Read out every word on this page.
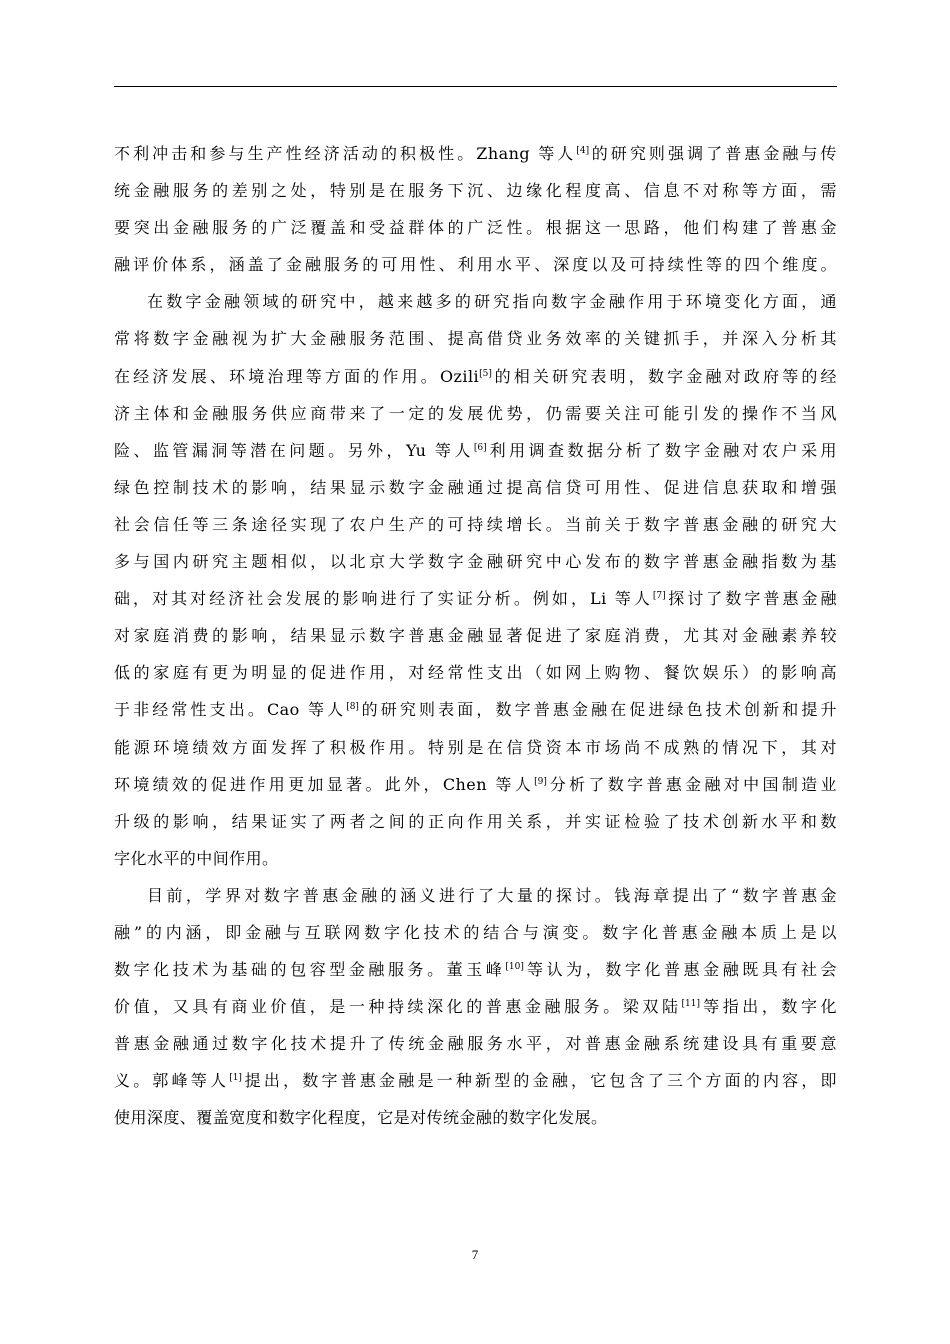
不利冲击和参与生产性经济活动的积极性。Zhang 等人[4]的研究则强调了普惠金融与传
统金融服务的差别之处，特别是在服务下沉、边缘化程度高、信息不对称等方面，需
要突出金融服务的广泛覆盖和受益群体的广泛性。根据这一思路，他们构建了普惠金
融评价体系，涵盖了金融服务的可用性、利用水平、深度以及可持续性等的四个维度。
在数字金融领域的研究中，越来越多的研究指向数字金融作用于环境变化方面，通
常将数字金融视为扩大金融服务范围、提高借贷业务效率的关键抓手，并深入分析其
在经济发展、环境治理等方面的作用。Ozili[5]的相关研究表明，数字金融对政府等的经
济主体和金融服务供应商带来了一定的发展优势，仍需要关注可能引发的操作不当风
险、监管漏洞等潜在问题。另外，Yu 等人[6]利用调查数据分析了数字金融对农户采用
绿色控制技术的影响，结果显示数字金融通过提高信贷可用性、促进信息获取和增强
社会信任等三条途径实现了农户生产的可持续增长。当前关于数字普惠金融的研究大
多与国内研究主题相似，以北京大学数字金融研究中心发布的数字普惠金融指数为基
础，对其对经济社会发展的影响进行了实证分析。例如，Li 等人[7]探讨了数字普惠金融
对家庭消费的影响，结果显示数字普惠金融显著促进了家庭消费，尤其对金融素养较
低的家庭有更为明显的促进作用，对经常性支出（如网上购物、餐饮娱乐）的影响高
于非经常性支出。Cao 等人[8]的研究则表面，数字普惠金融在促进绿色技术创新和提升
能源环境绩效方面发挥了积极作用。特别是在信贷资本市场尚不成熟的情况下，其对
环境绩效的促进作用更加显著。此外，Chen 等人[9]分析了数字普惠金融对中国制造业
升级的影响，结果证实了两者之间的正向作用关系，并实证检验了技术创新水平和数
字化水平的中间作用。
目前，学界对数字普惠金融的涵义进行了大量的探讨。钱海章提出了“数字普惠金
融”的内涵，即金融与互联网数字化技术的结合与演变。数字化普惠金融本质上是以
数字化技术为基础的包容型金融服务。董玉峰[10]等认为，数字化普惠金融既具有社会
价值，又具有商业价值，是一种持续深化的普惠金融服务。梁双陆[11]等指出，数字化
普惠金融通过数字化技术提升了传统金融服务水平，对普惠金融系统建设具有重要意
义。郭峰等人[1]提出，数字普惠金融是一种新型的金融，它包含了三个方面的内容，即
使用深度、覆盖宽度和数字化程度，它是对传统金融的数字化发展。
7
